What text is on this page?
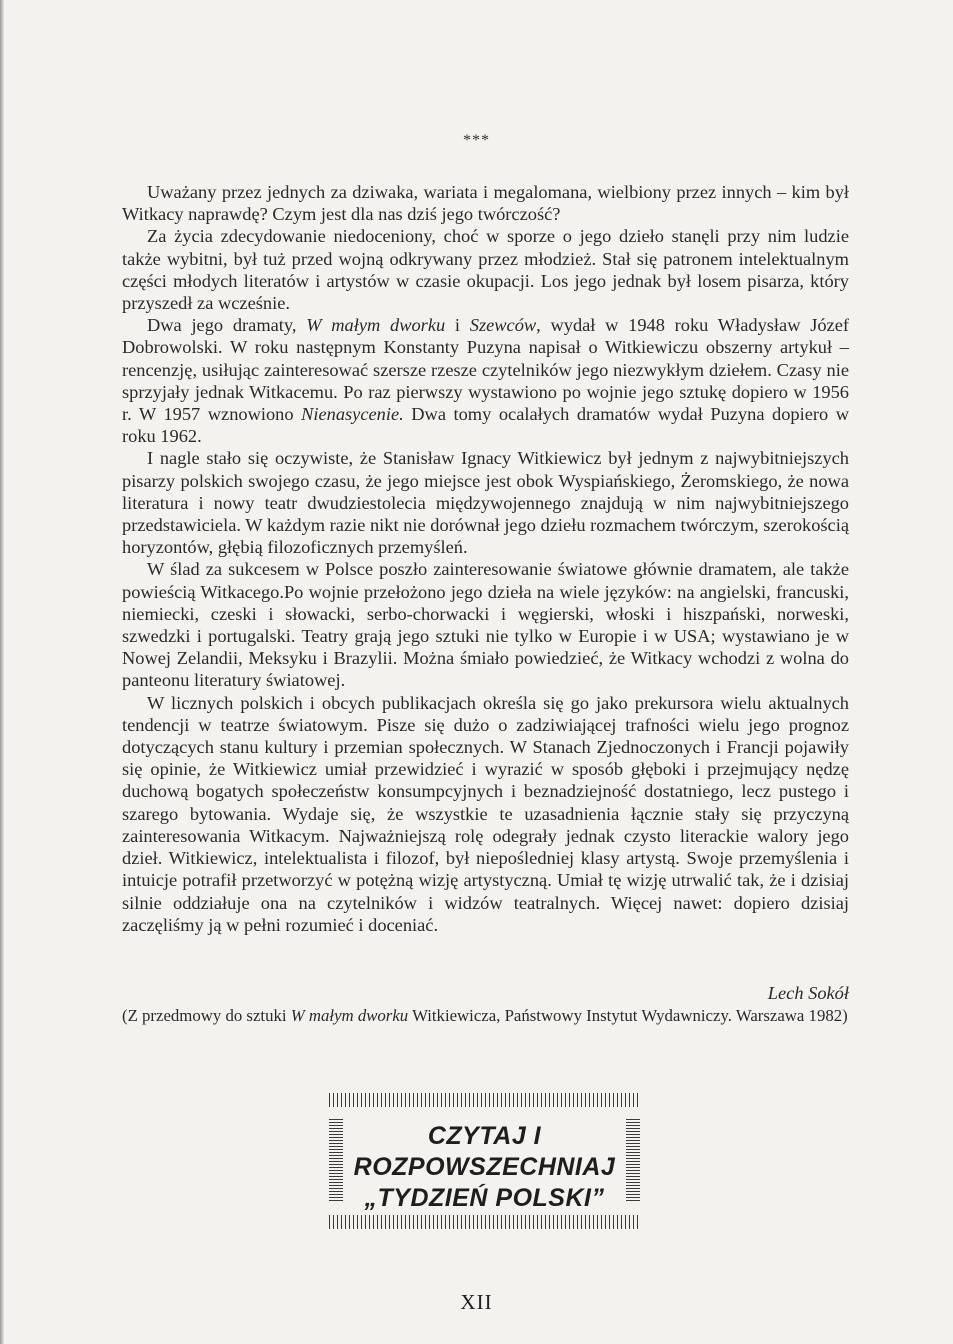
***

Uważany przez jednych za dziwaka, wariata i megalomana, wielbiony przez innych – kim był Witkacy naprawdę? Czym jest dla nas dziś jego twórczość?

Za życia zdecydowanie niedoceniony, choć w sporze o jego dzieło stanęli przy nim ludzie także wybitni, był tuż przed wojną odkrywany przez młodzież. Stał się patronem intelektualnym części młodych literatów i artystów w czasie okupacji. Los jego jednak był losem pisarza, który przyszedł za wcześnie.

Dwa jego dramaty, W małym dworku i Szewców, wydał w 1948 roku Władysław Józef Dobrowolski. W roku następnym Konstanty Puzyna napisał o Witkiewiczu obszerny artykuł – rencenzję, usiłując zainteresować szersze rzesze czytelników jego niezwykłym dziełem. Czasy nie sprzyjały jednak Witkacemu. Po raz pierwszy wystawiono po wojnie jego sztukę dopiero w 1956 r. W 1957 wznowiono Nienasycenie. Dwa tomy ocalałych dramatów wydał Puzyna dopiero w roku 1962.

I nagle stało się oczywiste, że Stanisław Ignacy Witkiewicz był jednym z najwybitniejszych pisarzy polskich swojego czasu, że jego miejsce jest obok Wyspiańskiego, Żeromskiego, że nowa literatura i nowy teatr dwudziestolecia międzywojennego znajdują w nim najwybitniejszego przedstawiciela. W każdym razie nikt nie dorównał jego dziełu rozmachem twórczym, szerokością horyzontów, głębią filozoficznych przemyśleń.

W ślad za sukcesem w Polsce poszło zainteresowanie światowe głównie dramatem, ale także powieścią Witkacego.Po wojnie przełożono jego dzieła na wiele języków: na angielski, francuski, niemiecki, czeski i słowacki, serbo-chorwacki i węgierski, włoski i hiszpański, norweski, szwedzki i portugalski. Teatry grają jego sztuki nie tylko w Europie i w USA; wystawiano je w Nowej Zelandii, Meksyku i Brazylii. Można śmiało powiedzieć, że Witkacy wchodzi z wolna do panteonu literatury światowej.

W licznych polskich i obcych publikacjach określa się go jako prekursora wielu aktualnych tendencji w teatrze światowym. Pisze się dużo o zadziwiającej trafności wielu jego prognoz dotyczących stanu kultury i przemian społecznych. W Stanach Zjednoczonych i Francji pojawiły się opinie, że Witkiewicz umiał przewidzieć i wyrazić w sposób głęboki i przejmujący nędzę duchową bogatych społeczeństw konsumpcyjnych i beznadziejność dostatniego, lecz pustego i szarego bytowania. Wydaje się, że wszystkie te uzasadnienia łącznie stały się przyczyną zainteresowania Witkacym. Najważniejszą rolę odegrały jednak czysto literackie walory jego dzieł. Witkiewicz, intelektualista i filozof, był niepośledniej klasy artystą. Swoje przemyślenia i intuicje potrafił przetworzyć w potężną wizję artystyczną. Umiał tę wizję utrwalić tak, że i dzisiaj silnie oddziałuje ona na czytelników i widzów teatralnych. Więcej nawet: dopiero dzisiaj zaczęliśmy ją w pełni rozumieć i doceniać.

Lech Sokół
(Z przedmowy do sztuki W małym dworku Witkiewicza, Państwowy Instytut Wydawniczy. Warszawa 1982)
CZYTAJ I
ROZPOWSZECHNIAJ
„TYDZIEŃ POLSKI”
XII
